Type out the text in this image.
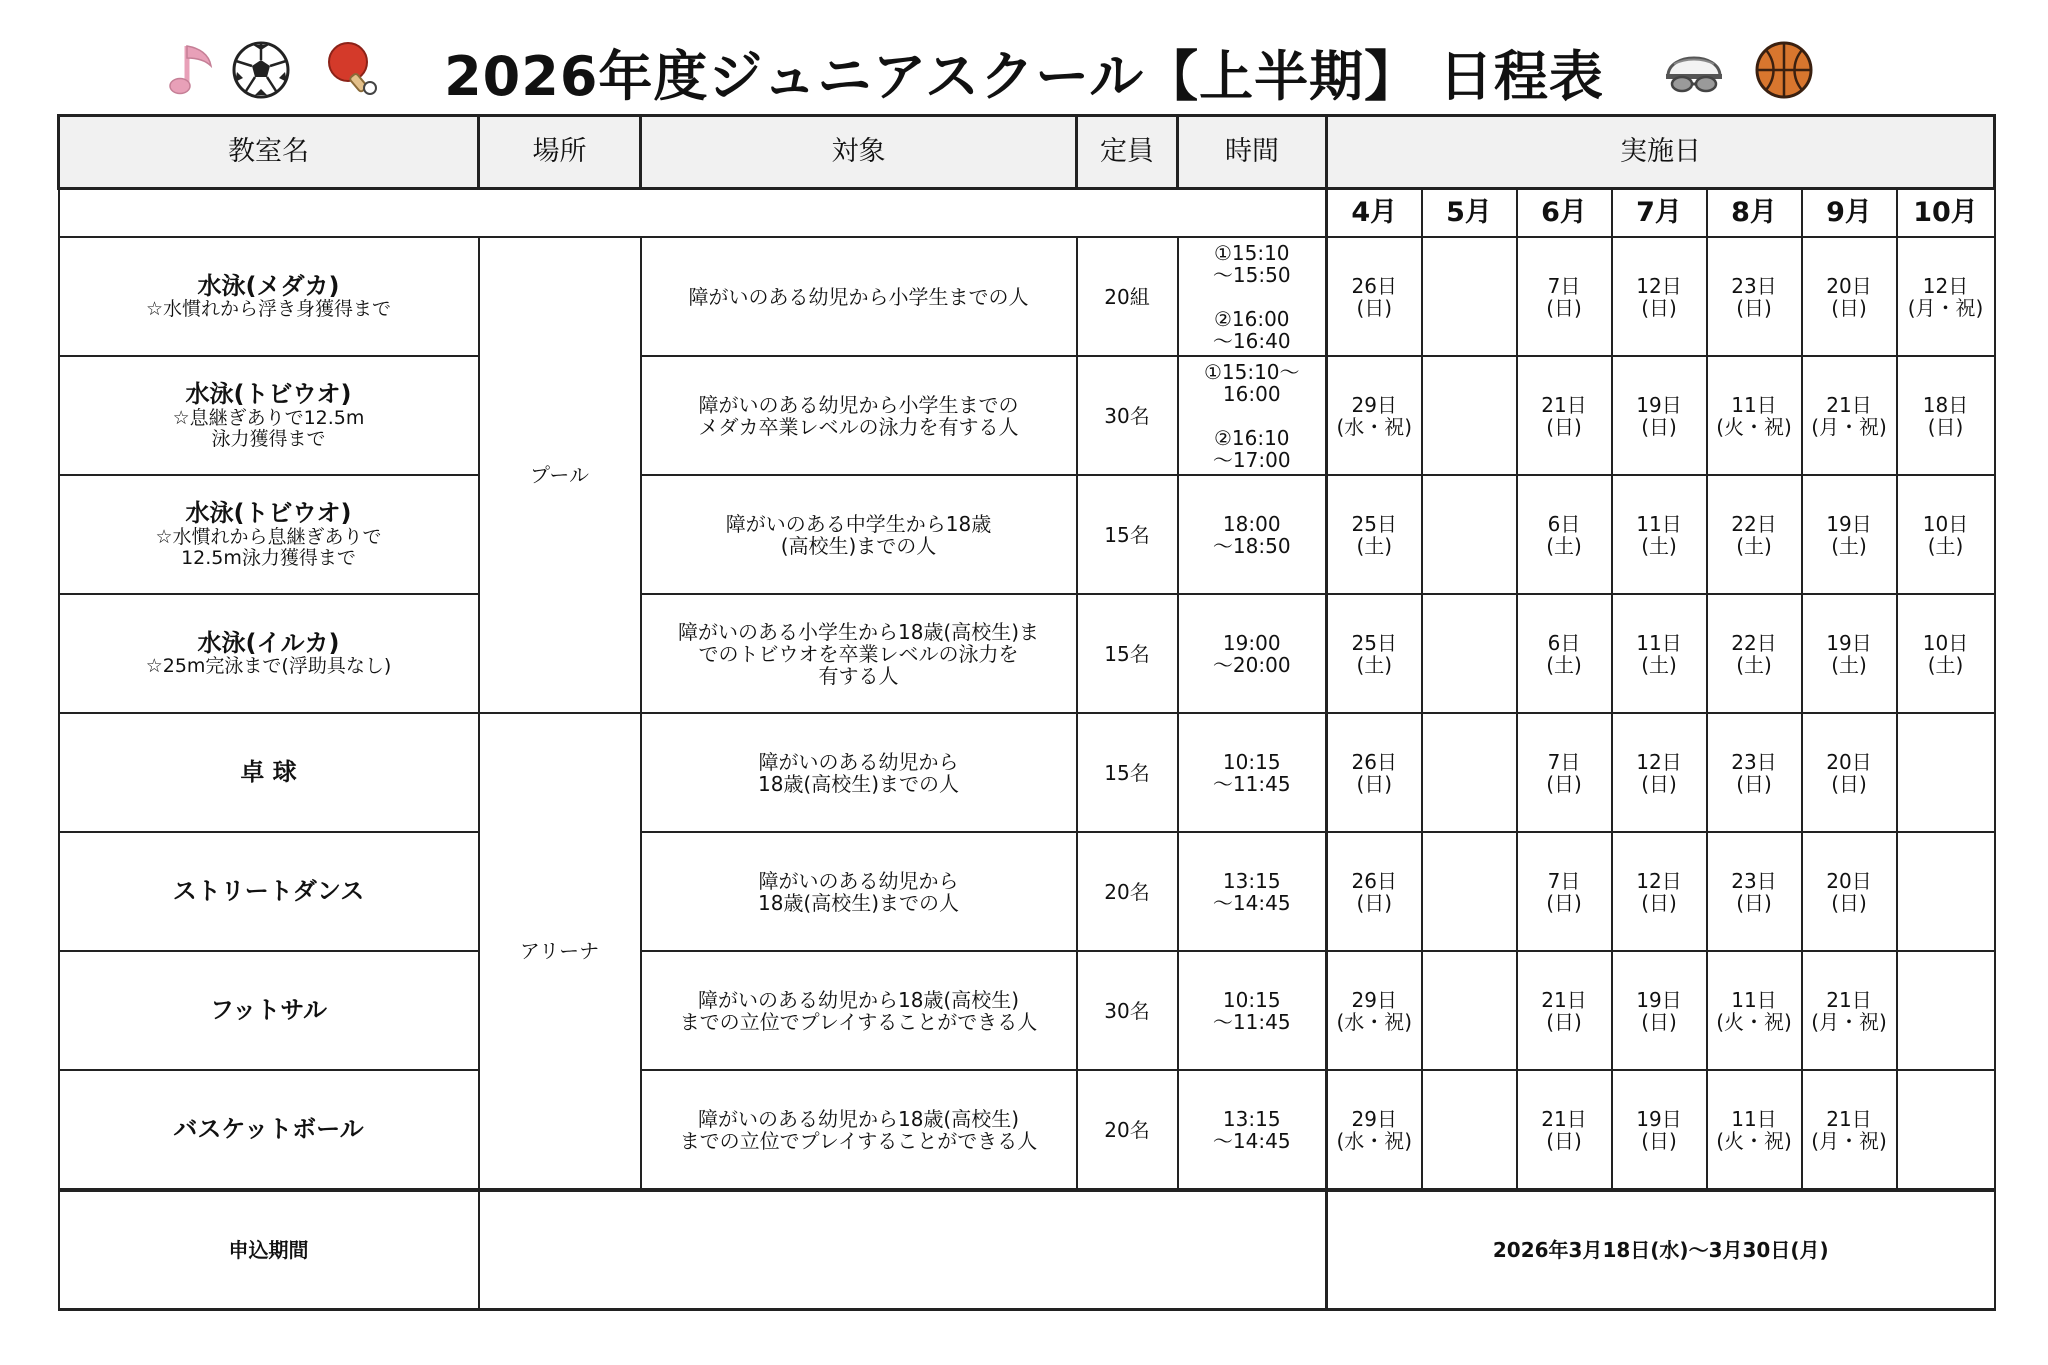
2026年度ジュニアスクール【上半期】 日程表
教室名	場所	対象	定員	時間	実施日						
					4月	5月	6月	7月	8月	9月	10月

水泳(メダカ)
☆水慣れから浮き身獲得まで	プール	障がいのある幼児から小学生までの人	20組	①15:10
～15:50

②16:00
～16:40	26日
(日)		7日
(日)	12日
(日)	23日
(日)	20日
(日)	12日
(月・祝)

水泳(トビウオ)
☆息継ぎありで12.5m
泳力獲得まで		障がいのある幼児から小学生までの
メダカ卒業レベルの泳力を有する人	30名	①15:10～
16:00

②16:10
～17:00	29日
(水・祝)		21日
(日)	19日
(日)	11日
(火・祝)	21日
(月・祝)	18日
(日)

水泳(トビウオ)
☆水慣れから息継ぎありで
12.5m泳力獲得まで		障がいのある中学生から18歳
(高校生)までの人	15名	18:00
～18:50	25日
(土)		6日
(土)	11日
(土)	22日
(土)	19日
(土)	10日
(土)

水泳(イルカ)
☆25m完泳まで(浮助具なし)		障がいのある小学生から18歳(高校生)ま
でのトビウオを卒業レベルの泳力を
有する人	15名	19:00
～20:00	25日
(土)		6日
(土)	11日
(土)	22日
(土)	19日
(土)	10日
(土)

卓 球	アリーナ	障がいのある幼児から
18歳(高校生)までの人	15名	10:15
～11:45	26日
(日)		7日
(日)	12日
(日)	23日
(日)	20日
(日)	

ストリートダンス		障がいのある幼児から
18歳(高校生)までの人	20名	13:15
～14:45	26日
(日)		7日
(日)	12日
(日)	23日
(日)	20日
(日)	

フットサル		障がいのある幼児から18歳(高校生)
までの立位でプレイすることができる人	30名	10:15
～11:45	29日
(水・祝)		21日
(日)	19日
(日)	11日
(火・祝)	21日
(月・祝)	

バスケットボール		障がいのある幼児から18歳(高校生)
までの立位でプレイすることができる人	20名	13:15
～14:45	29日
(水・祝)		21日
(日)	19日
(日)	11日
(火・祝)	21日
(月・祝)	
申込期間					2026年3月18日(水)～3月30日(月)						
